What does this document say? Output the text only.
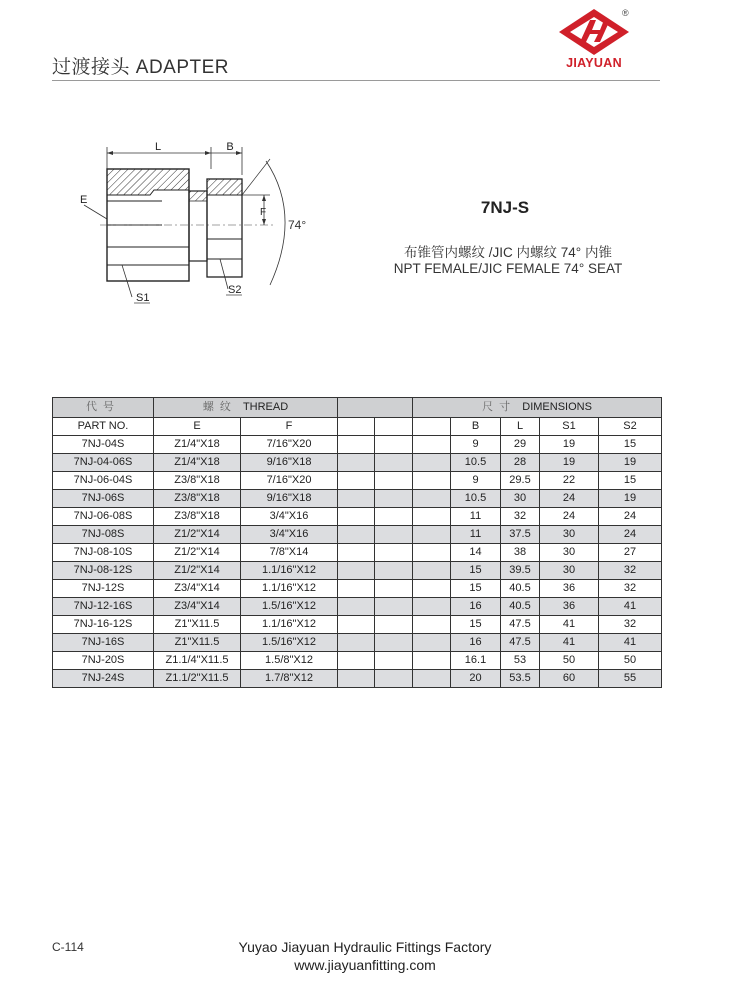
过渡接头 ADAPTER
®
JIAYUAN
L	B
F
74°
E
S1
S2
7NJ-S
布锥管内螺纹 /JIC 内螺纹 74° 内锥
NPT FEMALE/JIC FEMALE 74° SEAT
代号	螺纹 THREAD				尺寸 DIMENSIONS				
PART NO.	E	F				B	L	S1	S2
7NJ-04S	Z1/4"X18	7/16"X20				9	29	19	15
7NJ-04-06S	Z1/4"X18	9/16"X18				10.5	28	19	19
7NJ-06-04S	Z3/8"X18	7/16"X20				9	29.5	22	15
7NJ-06S	Z3/8"X18	9/16"X18				10.5	30	24	19
7NJ-06-08S	Z3/8"X18	3/4"X16				11	32	24	24
7NJ-08S	Z1/2"X14	3/4"X16				11	37.5	30	24
7NJ-08-10S	Z1/2"X14	7/8"X14				14	38	30	27
7NJ-08-12S	Z1/2"X14	1.1/16"X12				15	39.5	30	32
7NJ-12S	Z3/4"X14	1.1/16"X12				15	40.5	36	32
7NJ-12-16S	Z3/4"X14	1.5/16"X12				16	40.5	36	41
7NJ-16-12S	Z1"X11.5	1.1/16"X12				15	47.5	41	32
7NJ-16S	Z1"X11.5	1.5/16"X12				16	47.5	41	41
7NJ-20S	Z1.1/4"X11.5	1.5/8"X12				16.1	53	50	50
7NJ-24S	Z1.1/2"X11.5	1.7/8"X12				20	53.5	60	55
C-114	Yuyao Jiayuan Hydraulic Fittings Factory
www.jiayuanfitting.com
